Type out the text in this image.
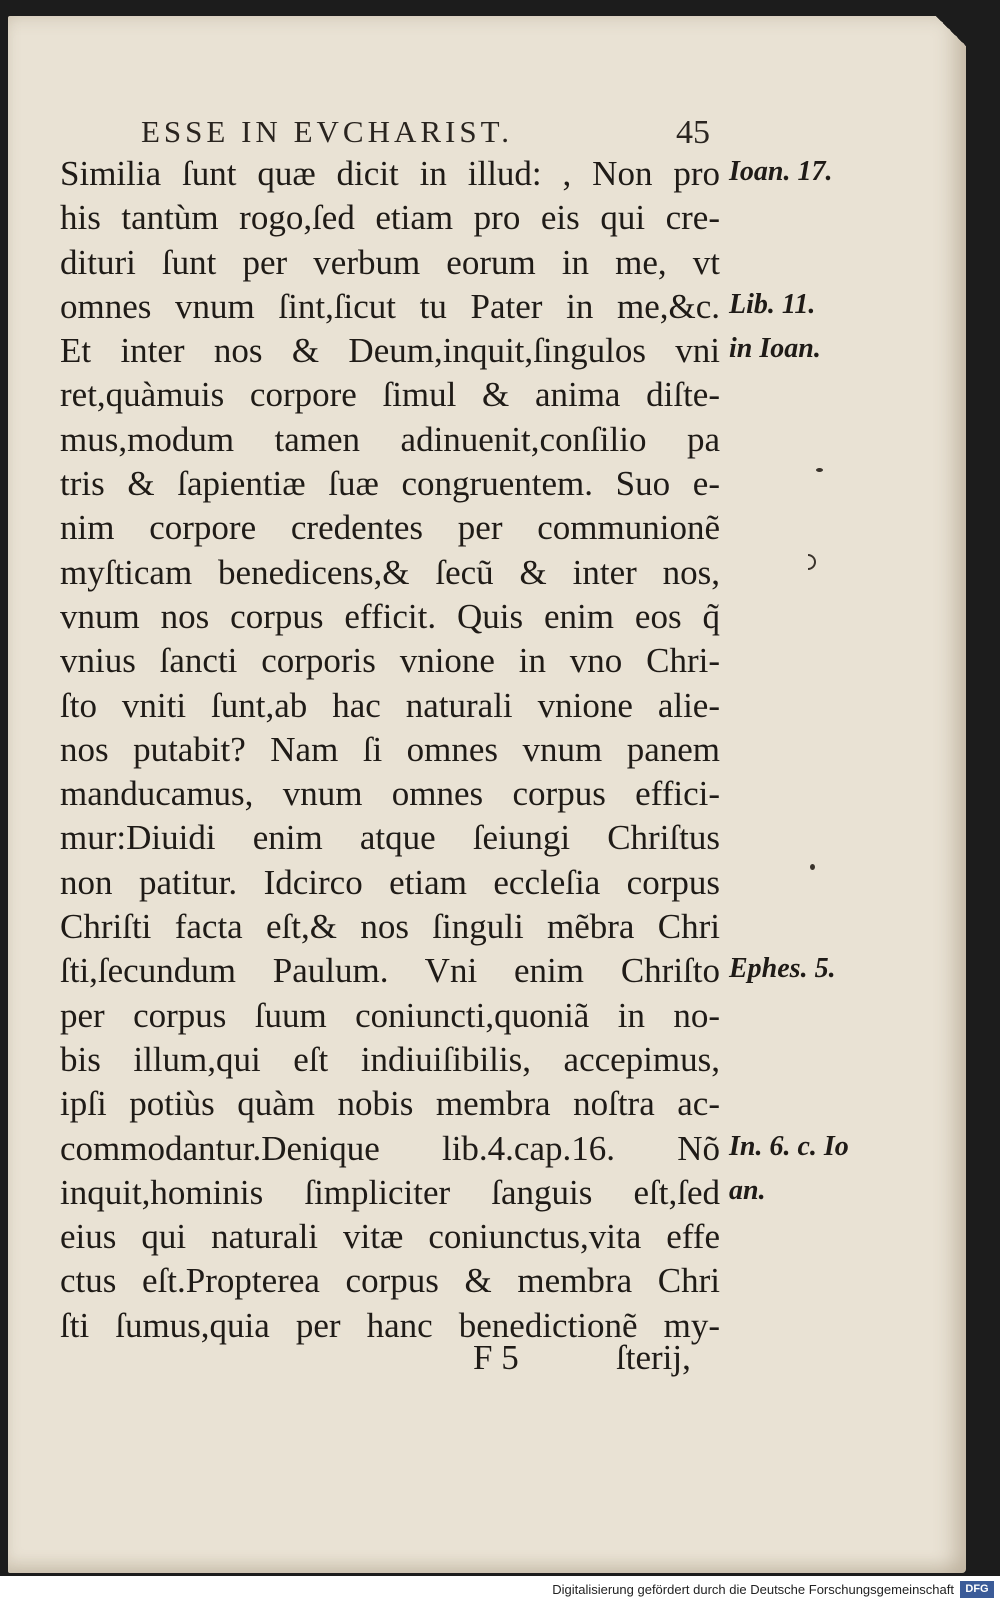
ESSE IN EVCHARIST.	45
Similia ſunt quæ dicit in illud: , Non pro
his tantùm rogo,ſed etiam pro eis qui cre-
dituri ſunt per verbum eorum in me, vt
omnes vnum ſint,ſicut tu Pater in me,&c.
Et inter nos & Deum,inquit,ſingulos vni
ret,quàmuis corpore ſimul & anima diſte-
mus,modum tamen adinuenit,conſilio pa
tris & ſapientiæ ſuæ congruentem. Suo e-
nim corpore credentes per communionẽ
myſticam benedicens,& ſecũ & inter nos,
vnum nos corpus efficit. Quis enim eos q̃
vnius ſancti corporis vnione in vno Chri-
ſto vniti ſunt,ab hac naturali vnione alie-
nos putabit? Nam ſi omnes vnum panem
manducamus, vnum omnes corpus effici-
mur:Diuidi enim atque ſeiungi Chriſtus
non patitur. Idcirco etiam eccleſia corpus
Chriſti facta eſt,& nos ſinguli mẽbra Chri
ſti,ſecundum Paulum. Vni enim Chriſto
per corpus ſuum coniuncti,quoniã in no-
bis illum,qui eſt indiuiſibilis, accepimus,
ipſi potiùs quàm nobis membra noſtra ac-
commodantur.Denique lib.4.cap.16. Nõ
inquit,hominis ſimpliciter ſanguis eſt,ſed
eius qui naturali vitæ coniunctus,vita effe
ctus eſt.Propterea corpus & membra Chri
ſti ſumus,quia per hanc benedictionẽ my-
Ioan. 17.
Lib. 11.
in Ioan.
Ephes. 5.
In. 6. c. Io
an.
F 5	ſterij,
Digitalisierung gefördert durch die Deutsche Forschungsgemeinschaft	DFG
